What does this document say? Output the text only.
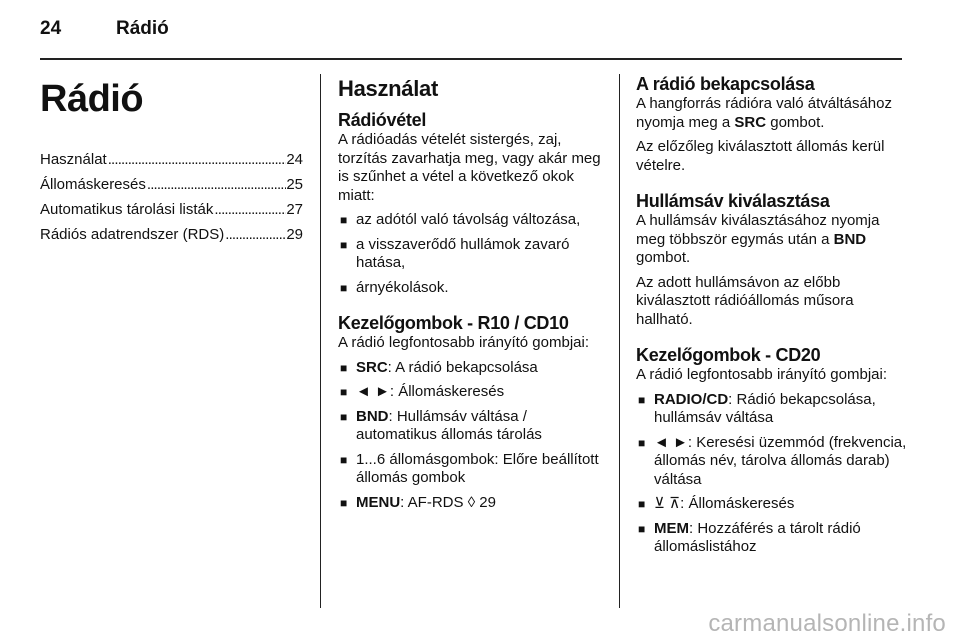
24	Rádió
Rádió
Használat . . .	24
Állomáskeresés . . .	25
Automatikus tárolási listák . . .	27
Rádiós adatrendszer (RDS) . . .	29
Használat
Rádióvétel

A rádióadás vételét sistergés, zaj, torzítás zavarhatja meg, vagy akár meg is szűnhet a vétel a következő okok miatt:

■ az adótól való távolság változása,
■ a visszaverődő hullámok zavaró hatása,
■ árnyékolások.
Kezelőgombok - R10 / CD10

A rádió legfontosabb irányító gombjai:

■ SRC: A rádió bekapcsolása
■ ◄ ►: Állomáskeresés
■ BND: Hullámsáv váltása / automatikus állomás tárolás
■ 1...6 állomásgombok: Előre beállított állomás gombok
■ MENU: AF-RDS ◊ 29
A rádió bekapcsolása

A hangforrás rádióra való átváltásához nyomja meg a SRC gombot.

Az előzőleg kiválasztott állomás kerül vételre.

Hullámsáv kiválasztása

A hullámsáv kiválasztásához nyomja meg többször egymás után a BND gombot.

Az adott hullámsávon az előbb kiválasztott rádióállomás műsora hallható.

Kezelőgombok - CD20

A rádió legfontosabb irányító gombjai:

■ RADIO/CD: Rádió bekapcsolása, hullámsáv váltása
■ ◄ ►: Keresési üzemmód (frekvencia, állomás név, tárolva állomás darab) váltása
■ ⊻ ⊼: Állomáskeresés
■ MEM: Hozzáférés a tárolt rádió állomáslistához
carmanualsonline.info
